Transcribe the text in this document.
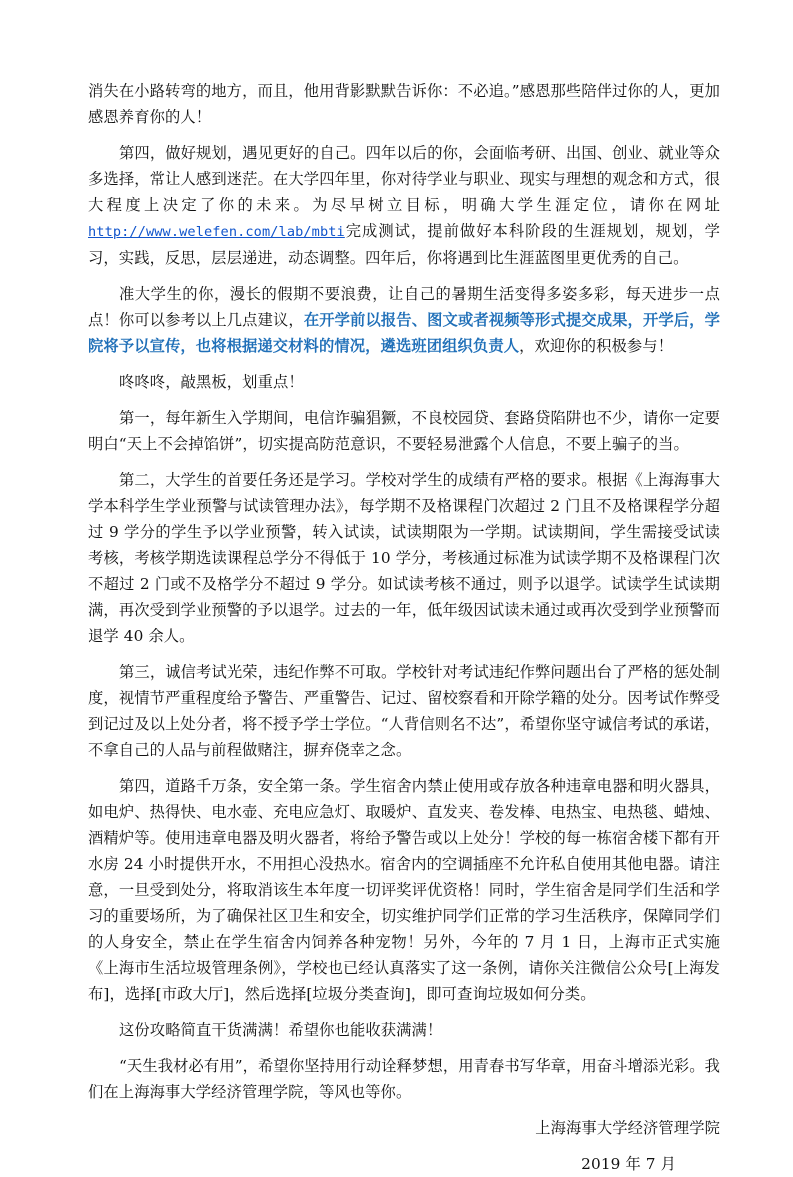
消失在小路转弯的地方，而且，他用背影默默告诉你：不必追。”感恩那些陪伴过你的人，更加感恩养育你的人！

第四，做好规划，遇见更好的自己。四年以后的你，会面临考研、出国、创业、就业等众多选择，常让人感到迷茫。在大学四年里，你对待学业与职业、现实与理想的观念和方式，很大程度上决定了你的未来。为尽早树立目标，明确大学生涯定位，请你在网址http://www.welefen.com/lab/mbti完成测试，提前做好本科阶段的生涯规划，规划，学习，实践，反思，层层递进，动态调整。四年后，你将遇到比生涯蓝图里更优秀的自己。

准大学生的你，漫长的假期不要浪费，让自己的暑期生活变得多姿多彩，每天进步一点点！你可以参考以上几点建议，在开学前以报告、图文或者视频等形式提交成果，开学后，学院将予以宣传，也将根据递交材料的情况，遴选班团组织负责人，欢迎你的积极参与！

咚咚咚，敲黑板，划重点！

第一，每年新生入学期间，电信诈骗猖獗，不良校园贷、套路贷陷阱也不少，请你一定要明白“天上不会掉馅饼”，切实提高防范意识，不要轻易泄露个人信息，不要上骗子的当。

第二，大学生的首要任务还是学习。学校对学生的成绩有严格的要求。根据《上海海事大学本科学生学业预警与试读管理办法》，每学期不及格课程门次超过 2 门且不及格课程学分超过 9 学分的学生予以学业预警，转入试读，试读期限为一学期。试读期间，学生需接受试读考核，考核学期选读课程总学分不得低于 10 学分，考核通过标准为试读学期不及格课程门次不超过 2 门或不及格学分不超过 9 学分。如试读考核不通过，则予以退学。试读学生试读期满，再次受到学业预警的予以退学。过去的一年，低年级因试读未通过或再次受到学业预警而退学 40 余人。

第三，诚信考试光荣，违纪作弊不可取。学校针对考试违纪作弊问题出台了严格的惩处制度，视情节严重程度给予警告、严重警告、记过、留校察看和开除学籍的处分。因考试作弊受到记过及以上处分者，将不授予学士学位。“人背信则名不达”，希望你坚守诚信考试的承诺，不拿自己的人品与前程做赌注，摒弃侥幸之念。

第四，道路千万条，安全第一条。学生宿舍内禁止使用或存放各种违章电器和明火器具，如电炉、热得快、电水壶、充电应急灯、取暖炉、直发夹、卷发棒、电热宝、电热毯、蜡烛、酒精炉等。使用违章电器及明火器者，将给予警告或以上处分！学校的每一栋宿舍楼下都有开水房 24 小时提供开水，不用担心没热水。宿舍内的空调插座不允许私自使用其他电器。请注意，一旦受到处分，将取消该生本年度一切评奖评优资格！同时，学生宿舍是同学们生活和学习的重要场所，为了确保社区卫生和安全，切实维护同学们正常的学习生活秩序，保障同学们的人身安全，禁止在学生宿舍内饲养各种宠物！另外，今年的 7 月 1 日，上海市正式实施《上海市生活垃圾管理条例》，学校也已经认真落实了这一条例，请你关注微信公众号[上海发布]，选择[市政大厅]，然后选择[垃圾分类查询]，即可查询垃圾如何分类。

这份攻略简直干货满满！希望你也能收获满满！

“天生我材必有用”，希望你坚持用行动诠释梦想，用青春书写华章，用奋斗增添光彩。我们在上海海事大学经济管理学院，等风也等你。

上海海事大学经济管理学院

2019 年 7 月
